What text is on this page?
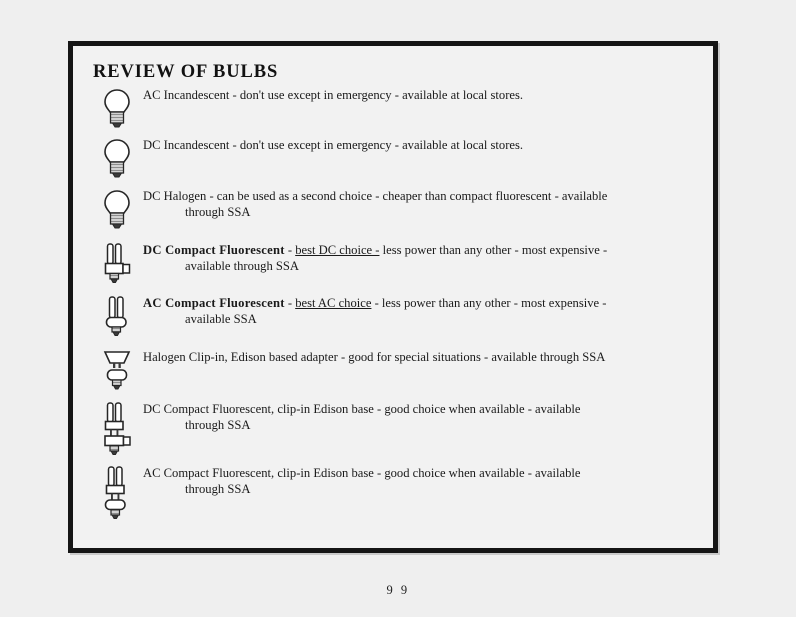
REVIEW OF BULBS
AC Incandescent - don't use except in emergency - available at local stores.
DC Incandescent - don't use except in emergency - available at local stores.
DC Halogen - can be used as a second choice - cheaper than compact fluorescent - available
through SSA
DC Compact Fluorescent - best DC choice - less power than any other - most expensive -
available through SSA
AC Compact Fluorescent - best AC choice - less power than any other - most expensive -
available SSA
Halogen Clip-in, Edison based adapter - good for special situations - available through SSA
DC Compact Fluorescent, clip-in Edison base - good choice when available - available
through SSA
AC Compact Fluorescent, clip-in Edison base - good choice when available - available
through SSA
9 9
